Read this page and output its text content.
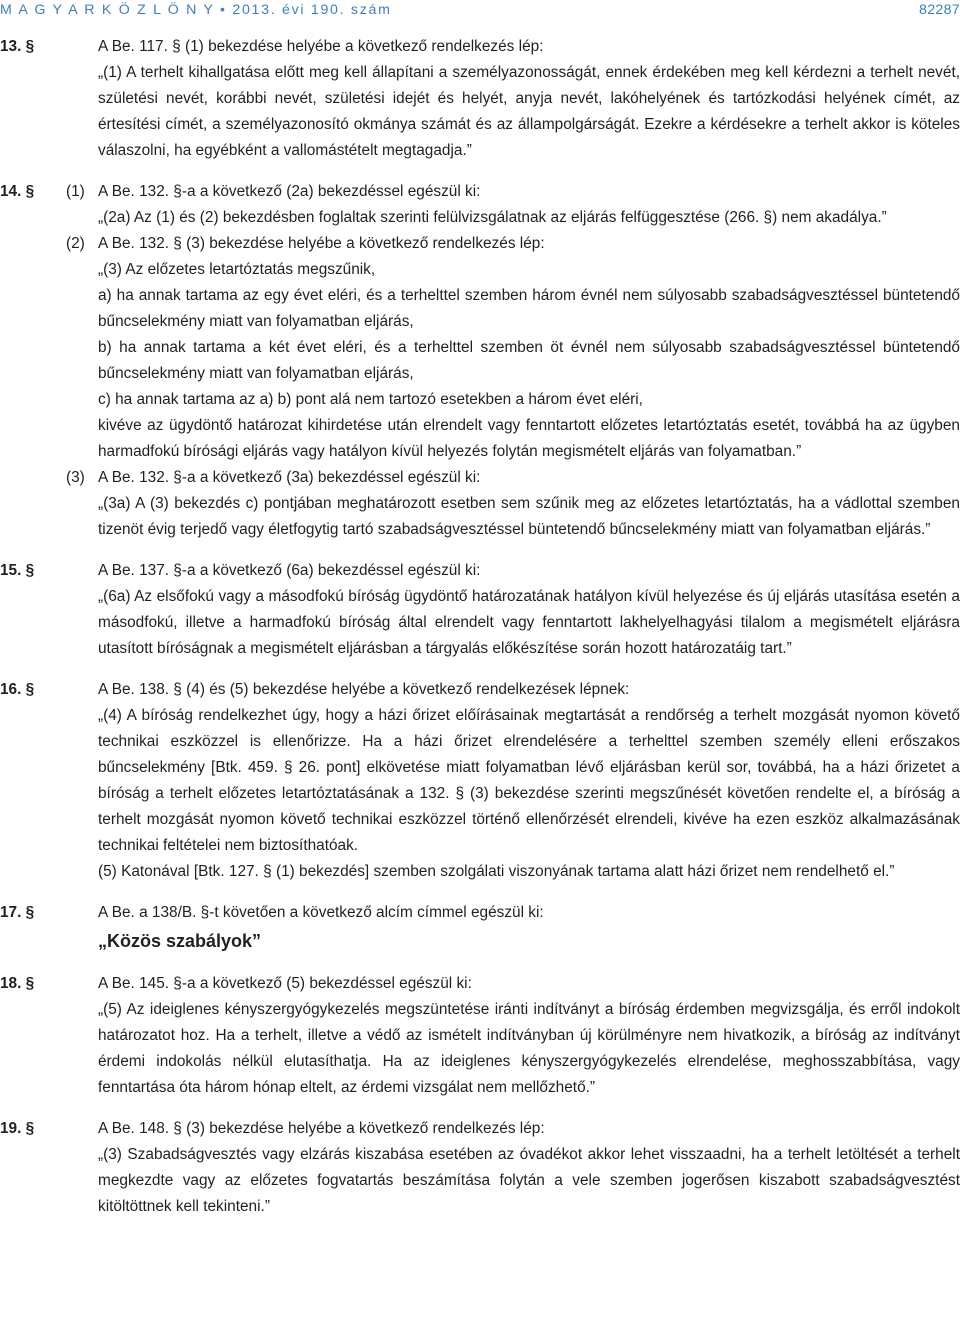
M A G Y A R K Ö Z L Ö N Y • 2013. évi 190. szám	82287
13. §	A Be. 117. § (1) bekezdése helyébe a következő rendelkezés lép:
„(1) A terhelt kihallgatása előtt meg kell állapítani a személyazonosságát, ennek érdekében meg kell kérdezni a terhelt nevét, születési nevét, korábbi nevét, születési idejét és helyét, anyja nevét, lakóhelyének és tartózkodási helyének címét, az értesítési címét, a személyazonosító okmánya számát és az állampolgárságát. Ezekre a kérdésekre a terhelt akkor is köteles válaszolni, ha egyébként a vallomástételt megtagadja.”
14. §	(1) A Be. 132. §-a a következő (2a) bekezdéssel egészül ki:
„(2a) Az (1) és (2) bekezdésben foglaltak szerinti felülvizsgálatnak az eljárás felfüggesztése (266. §) nem akadálya.”
(2) A Be. 132. § (3) bekezdése helyébe a következő rendelkezés lép:
„(3) Az előzetes letartóztatás megszűnik,
a) ha annak tartama az egy évet eléri, és a terhelttel szemben három évnél nem súlyosabb szabadságvesztéssel büntetendő bűncselekmény miatt van folyamatban eljárás,
b) ha annak tartama a két évet eléri, és a terhelttel szemben öt évnél nem súlyosabb szabadságvesztéssel büntetendő bűncselekmény miatt van folyamatban eljárás,
c) ha annak tartama az a) b) pont alá nem tartozó esetekben a három évet eléri,
kivéve az ügydöntő határozat kihirdetése után elrendelt vagy fenntartott előzetes letartóztatás esetét, továbbá ha az ügyben harmadfokú bírósági eljárás vagy hatályon kívül helyezés folytán megismételt eljárás van folyamatban.”
(3) A Be. 132. §-a a következő (3a) bekezdéssel egészül ki:
„(3a) A (3) bekezdés c) pontjában meghatározott esetben sem szűnik meg az előzetes letartóztatás, ha a vádlottal szemben tizenöt évig terjedő vagy életfogytig tartó szabadságvesztéssel büntetendő bűncselekmény miatt van folyamatban eljárás.”
15. §	A Be. 137. §-a a következő (6a) bekezdéssel egészül ki:
„(6a) Az elsőfokú vagy a másodfokú bíróság ügydöntő határozatának hatályon kívül helyezése és új eljárás utasítása esetén a másodfokú, illetve a harmadfokú bíróság által elrendelt vagy fenntartott lakhelyelhagyási tilalom a megismételt eljárásra utasított bíróságnak a megismételt eljárásban a tárgyalás előkészítése során hozott határozatáig tart.”
16. §	A Be. 138. § (4) és (5) bekezdése helyébe a következő rendelkezések lépnek:
„(4) A bíróság rendelkezhet úgy, hogy a házi őrizet előírásainak megtartását a rendőrség a terhelt mozgását nyomon követő technikai eszközzel is ellenőrizze. Ha a házi őrizet elrendelésére a terhelttel szemben személy elleni erőszakos bűncselekmény [Btk. 459. § 26. pont] elkövetése miatt folyamatban lévő eljárásban kerül sor, továbbá, ha a házi őrizetet a bíróság a terhelt előzetes letartóztatásának a 132. § (3) bekezdése szerinti megszűnését követően rendelte el, a bíróság a terhelt mozgását nyomon követő technikai eszközzel történő ellenőrzését elrendeli, kivéve ha ezen eszköz alkalmazásának technikai feltételei nem biztosíthatóak.
(5) Katonával [Btk. 127. § (1) bekezdés] szemben szolgálati viszonyának tartama alatt házi őrizet nem rendelhető el.”
17. §	A Be. a 138/B. §-t követően a következő alcím címmel egészül ki:
„Közös szabályok”
18. §	A Be. 145. §-a a következő (5) bekezdéssel egészül ki:
„(5) Az ideiglenes kényszergyógykezelés megszüntetése iránti indítványt a bíróság érdemben megvizsgálja, és erről indokolt határozatot hoz. Ha a terhelt, illetve a védő az ismételt indítványban új körülményre nem hivatkozik, a bíróság az indítványt érdemi indokolás nélkül elutasíthatja. Ha az ideiglenes kényszergyógykezelés elrendelése, meghosszabbítása, vagy fenntartása óta három hónap eltelt, az érdemi vizsgálat nem mellőzhető.”
19. §	A Be. 148. § (3) bekezdése helyébe a következő rendelkezés lép:
„(3) Szabadságvesztés vagy elzárás kiszabása esetében az óvadékot akkor lehet visszaadni, ha a terhelt letöltését a terhelt megkezdte vagy az előzetes fogvatartás beszámítása folytán a vele szemben jogerősen kiszabott szabadságvesztést kitöltöttnek kell tekinteni.”
